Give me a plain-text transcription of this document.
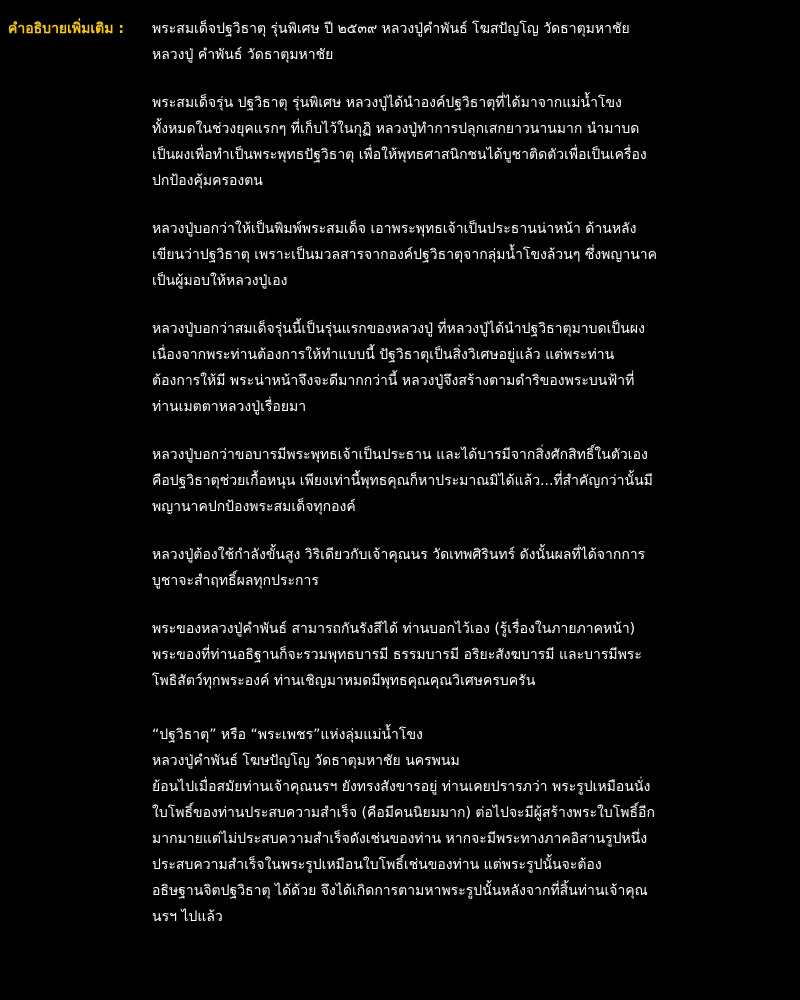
คำอธิบายเพิ่มเติม : พระสมเด็จปฐวิธาตุ รุ่นพิเศษ ปี ๒๕๓๙ หลวงปู่คำพันธ์ โฆสปัญโญ วัดธาตุมหาชัย
หลวงปู่ คำพันธ์ วัดธาตุมหาชัย

พระสมเด็จรุ่น ปฐวิธาตุ รุ่นพิเศษ หลวงปู่ได้นำองค์ปฐวิธาตุที่ได้มาจากแม่น้ำโขง
ทั้งหมดในช่วงยุคแรกๆ ที่เก็บไว้ในกุฏิ หลวงปู่ทำการปลุกเสกยาวนานมาก นำมาบด
เป็นผงเพื่อทำเป็นพระพุทธปัฐวิธาตุ เพื่อให้พุทธศาสนิกชนได้บูชาติดตัวเพื่อเป็นเครื่อง
ปกป้องคุ้มครองตน

หลวงปู่บอกว่าให้เป็นพิมพ์พระสมเด็จ เอาพระพุทธเจ้าเป็นประธานน่าหน้า ด้านหลัง
เขียนว่าปฐวิธาตุ เพราะเป็นมวลสารจากองค์ปฐวิธาตุจากลุ่มน้ำโขงล้วนๆ ซึ่งพญานาค
เป็นผู้มอบให้หลวงปู่เอง

หลวงปู่บอกว่าสมเด็จรุ่นนี้เป็นรุ่นแรกของหลวงปู่ ที่หลวงปู่ได้นำปฐวิธาตุมาบดเป็นผง
เนื่องจากพระท่านต้องการให้ทำแบบนี้ ปัฐวิธาตุเป็นสิ่งวิเศษอยู่แล้ว แต่พระท่าน
ต้องการให้มี พระน่าหน้าจึงจะดีมากกว่านี้ หลวงปู่จึงสร้างตามดำริของพระบนฟ้าที่
ท่านเมตตาหลวงปู่เรื่อยมา

หลวงปู่บอกว่าขอบารมีพระพุทธเจ้าเป็นประธาน และได้บารมีจากสิ่งศักสิทธิ์ในตัวเอง
คือปฐวิธาตุช่วยเกื้อหนุน เพียงเท่านี้พุทธคุณก็หาประมาณมิได้แล้ว...ที่สำคัญกว่านั้นมี
พญานาคปกป้องพระสมเด็จทุกองค์

หลวงปู่ต้องใช้กำลังขั้นสูง วิริเดียวกับเจ้าคุณนร วัดเทพศิรินทร์ ดังนั้นผลที่ได้จากการ
บูชาจะสำฤทธิ์ผลทุกประการ

พระของหลวงปู่คำพันธ์ สามารถกันรังสีได้ ท่านบอกไว้เอง (รู้เรื่องในภายภาคหน้า)
พระของที่ท่านอธิฐานก็จะรวมพุทธบารมี ธรรมบารมี อริยะสังฆบารมี และบารมีพระ
โพธิสัตว์ทุกพระองค์ ท่านเชิญมาหมดมีพุทธคุณคุณวิเศษครบครัน

“ปฐวิธาตุ” หรือ “พระเพชร”แห่งลุ่มแม่น้ำโขง
หลวงปู่คำพันธ์ โฆษปัญโญ วัดธาตุมหาชัย นครพนม
ย้อนไปเมื่อสมัยท่านเจ้าคุณนรฯ ยังทรงสังขารอยู่ ท่านเคยปรารภว่า พระรูปเหมือนนั่ง
ใบโพธิ์ของท่านประสบความสำเร็จ (คือมีคนนิยมมาก) ต่อไปจะมีผู้สร้างพระใบโพธิ์อีก
มากมายแต่ไม่ประสบความสำเร็จดังเช่นของท่าน หากจะมีพระทางภาคอิสานรูปหนึ่ง
ประสบความสำเร็จในพระรูปเหมือนใบโพธิ์เช่นของท่าน แต่พระรูปนั้นจะต้อง
อธิษฐานจิตปฐวิธาตุ ได้ด้วย จึงได้เกิดการตามหาพระรูปนั้นหลังจากที่สิ้นท่านเจ้าคุณ
นรฯ ไปแล้ว
